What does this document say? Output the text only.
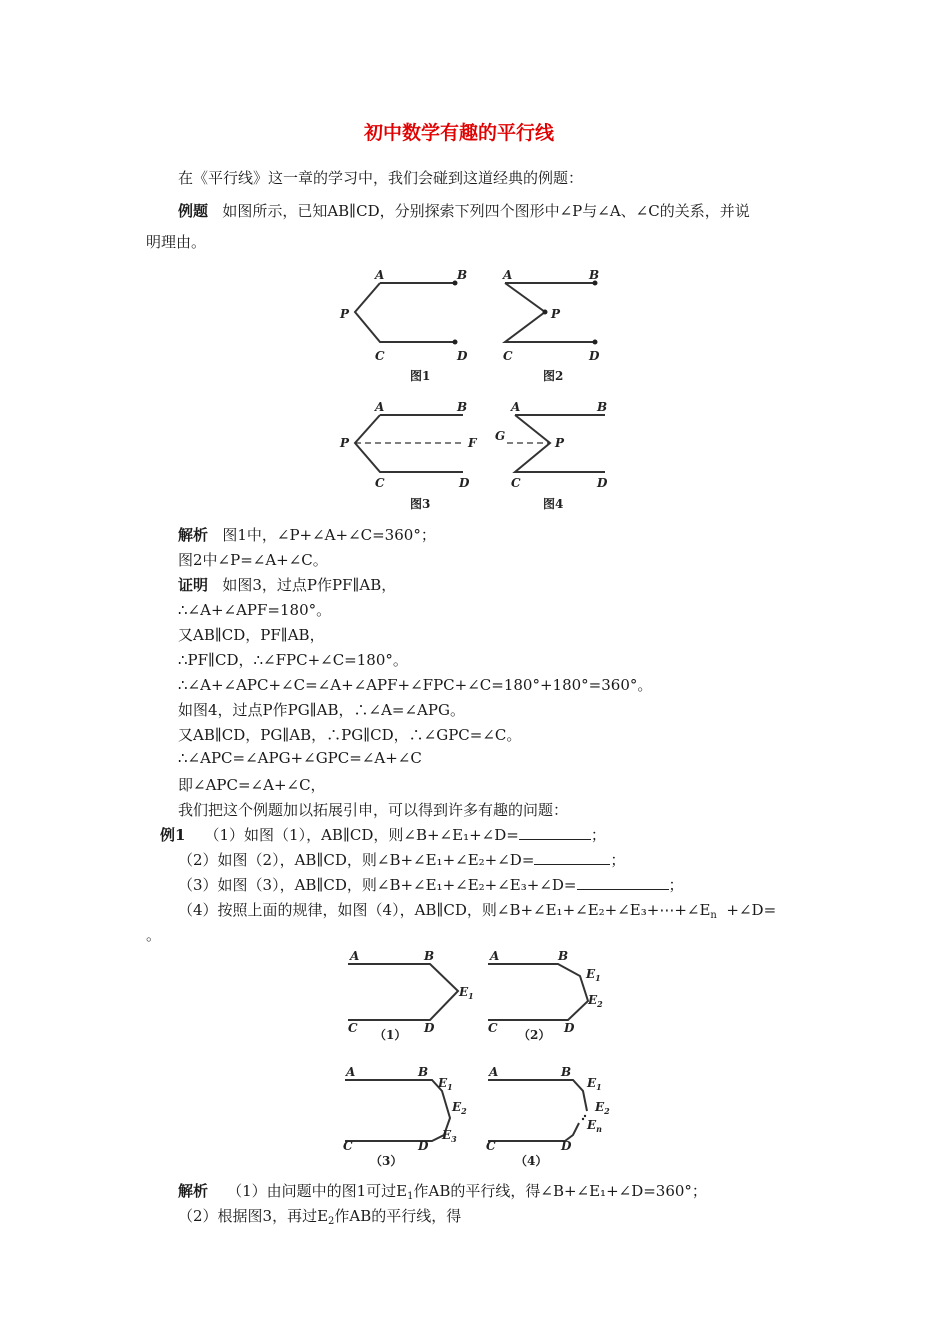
初中数学有趣的平行线
在《平行线》这一章的学习中，我们会碰到这道经典的例题：
例题 如图所示，已知AB∥CD，分别探索下列四个图形中∠P与∠A、∠C的关系，并说
明理由。
A	B
P
C	D
图1
A	B
P
C	D
图2
A	B
P	F
C	D
图3
A	B
G	P
C	D
图4
解析 图1中，∠P+∠A+∠C=360°；
图2中∠P=∠A+∠C。
证明 如图3，过点P作PF∥AB，
∴∠A+∠APF=180°。
又AB∥CD，PF∥AB，
∴PF∥CD，∴∠FPC+∠C=180°。
∴∠A+∠APC+∠C=∠A+∠APF+∠FPC+∠C=180°+180°=360°。
如图4，过点P作PG∥AB，∴∠A=∠APG。
又AB∥CD，PG∥AB，∴PG∥CD，∴∠GPC=∠C。
∴∠APC=∠APG+∠GPC=∠A+∠C
即∠APC=∠A+∠C，
我们把这个例题加以拓展引申，可以得到许多有趣的问题：
例1 （1）如图（1），AB∥CD，则∠B+∠E₁+∠D=	；
（2）如图（2），AB∥CD，则∠B+∠E₁+∠E₂+∠D=	；
（3）如图（3），AB∥CD，则∠B+∠E₁+∠E₂+∠E₃+∠D=	；
（4）按照上面的规律，如图（4），AB∥CD，则$\angle B+\angle E_1+\angle E_2+\angle E_3+\cdots+\angle E_n$ +∠D=
。
A	B
$E_1$
C	D
（1）
A	B
$E_1$
$E_2$
C	D
（2）
A	B
$E_1$
$E_2$
$E_3$
C	D
（3）
A	B
$E_1$
$E_2$
$E_n$
C	D
（4）
解析 （1）由问题中的图1可过$E_1$作AB的平行线，得∠B+∠E₁+∠D=360°；
（2）根据图3，再过$E_2$作AB的平行线，得
